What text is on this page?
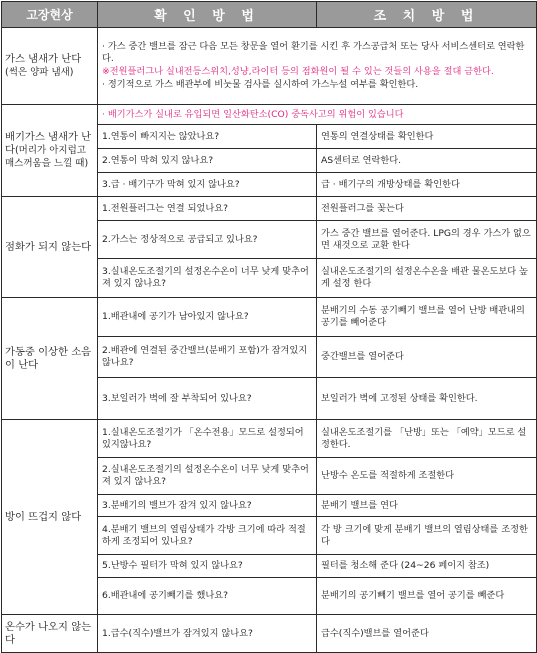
고장현상	확 인 방 법	조 치 방 법
가스 냄새가 난다
(썩은 양파 냄새)	· 가스 중간 밸브를 잠근 다음 모든 창문을 열어 환기를 시킨 후 가스공급처 또는 당사 서비스센터로 연락한다.
※전원플러그나 실내전등스위치,성냥,라이터 등의 점화원이 될 수 있는 것들의 사용을 절대 금한다.
· 정기적으로 가스 배관부에 비눗물 검사를 실시하여 가스누설 여부를 확인한다.	

배기가스 냄새가 난다(머리가 아지럽고 매스꺼움을 느낄 때)	· 배기가스가 실내로 유입되면 일산화탄소(CO) 중독사고의 위험이 있습니다	
	1.연통이 빠지지는 않았나요?	연통의 연결상태를 확인한다
	2.연통이 막혀 있지 않나요?	AS센터로 연락한다.
	3.급 · 배기구가 막혀 있지 않나요?	급 · 배기구의 개방상태를 확인한다
점화가 되지 않는다	1.전원플러그는 연결 되었나요?	전원플러그를 꽂는다
	2.가스는 정상적으로 공급되고 있나요?	가스 중간 밸브를 열어준다. LPG의 경우 가스가 없으면 새것으로 교환 한다
	3.실내온도조절기의 설정온수온이 너무 낮게 맞추어져 있지 않나요?	실내온도조절기의 설정온수온을 배관 물온도보다 높게 설정 한다
가동중 이상한 소음이 난다	1.배관내에 공기가 남아있지 않나요?	분배기의 수동 공기빼기 밸브를 열어 난방 배관내의 공기를 빼어준다
	2.배관에 연결된 중간밸브(분배기 포함)가 잠겨있지 않나요?	중간밸브를 열어준다
	3.보일러가 벽에 잘 부착되어 있나요?	보일러가 벽에 고정된 상태를 확인한다.
방이 뜨겁지 않다	1.실내온도조절기가 「온수전용」모드로 설정되어 있지않나요?	실내온도조절기를 「난방」또는 「예약」모드로 설정한다.
	2.실내온도조절기의 설정온수온이 너무 낮게 맞추어져 있지 않나요?	난방수 온도를 적절하게 조절한다
	3.분배기의 밸브가 잠겨 있지 않나요?	분배기 밸브를 연다
	4.분배기 밸브의 열림상태가 각방 크기에 따라 적절하게 조정되어 있나요?	각 방 크기에 맞게 분배기 밸브의 열림상태를 조정한다
	5.난방수 필터가 막혀 있지 않나요?	필터를 청소해 준다 (24~26 페이지 참조)
	6.배관내에 공기빼기를 했나요?	분배기의 공기빼기 밸브를 열어 공기를 빼준다
온수가 나오지 않는다	1.급수(직수)밸브가 잠겨있지 않나요?	급수(직수)밸브를 열어준다
